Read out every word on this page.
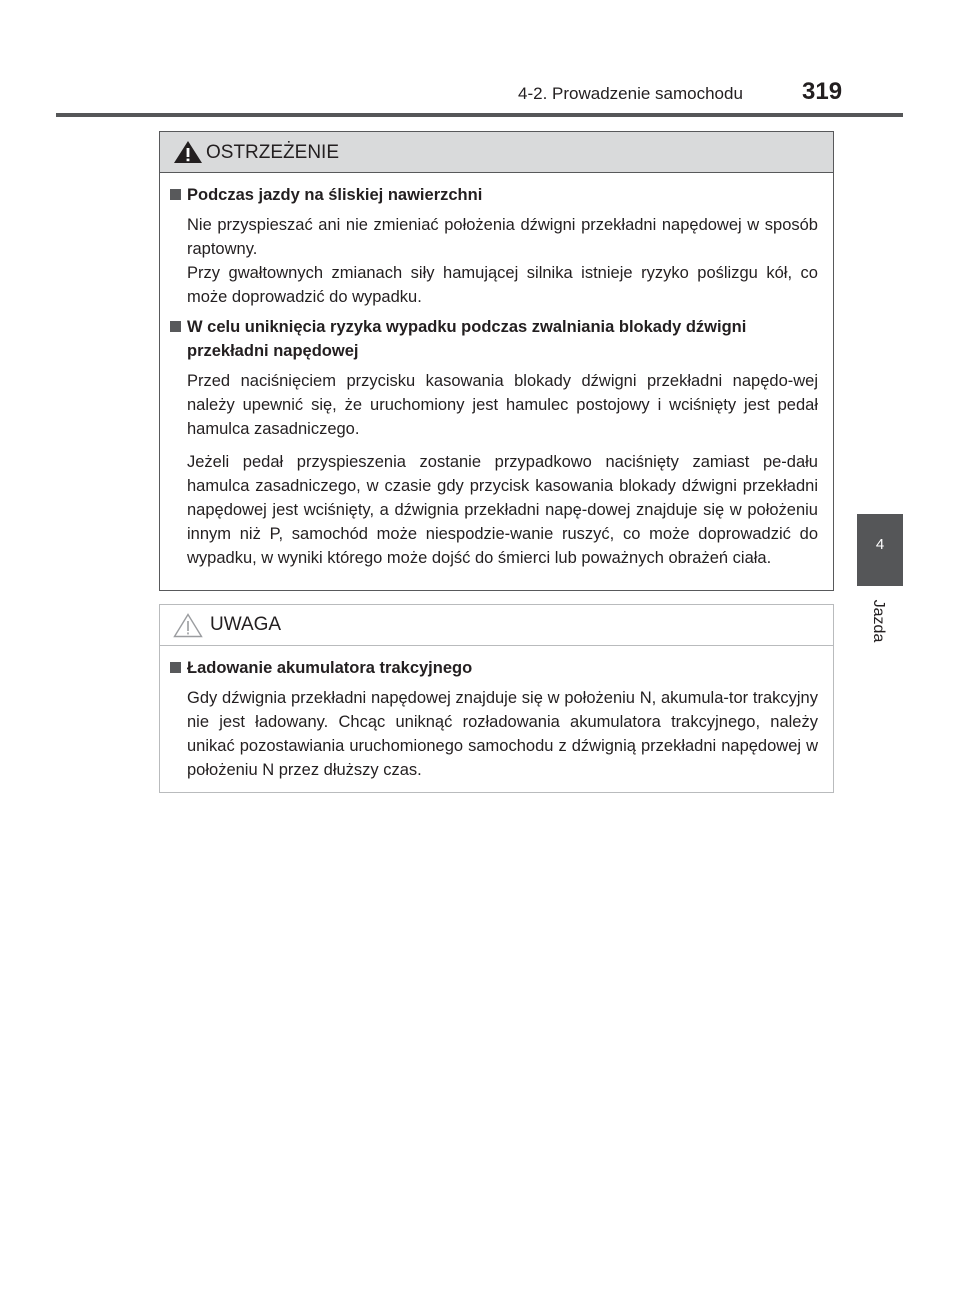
4-2. Prowadzenie samochodu 319
4
Jazda
OSTRZEŻENIE
Podczas jazdy na śliskiej nawierzchni
Nie przyspieszać ani nie zmieniać położenia dźwigni przekładni napędowej w sposób raptowny.
Przy gwałtownych zmianach siły hamującej silnika istnieje ryzyko poślizgu kół, co może doprowadzić do wypadku.
W celu uniknięcia ryzyka wypadku podczas zwalniania blokady dźwigni przekładni napędowej
Przed naciśnięciem przycisku kasowania blokady dźwigni przekładni napędo-wej należy upewnić się, że uruchomiony jest hamulec postojowy i wciśnięty jest pedał hamulca zasadniczego.
Jeżeli pedał przyspieszenia zostanie przypadkowo naciśnięty zamiast pe-dału hamulca zasadniczego, w czasie gdy przycisk kasowania blokady dźwigni przekładni napędowej jest wciśnięty, a dźwignia przekładni napę-dowej znajduje się w położeniu innym niż P, samochód może niespodzie-wanie ruszyć, co może doprowadzić do wypadku, w wyniki którego może dojść do śmierci lub poważnych obrażeń ciała.
UWAGA
Ładowanie akumulatora trakcyjnego
Gdy dźwignia przekładni napędowej znajduje się w położeniu N, akumula-tor trakcyjny nie jest ładowany. Chcąc uniknąć rozładowania akumulatora trakcyjnego, należy unikać pozostawiania uruchomionego samochodu z dźwignią przekładni napędowej w położeniu N przez dłuższy czas.
